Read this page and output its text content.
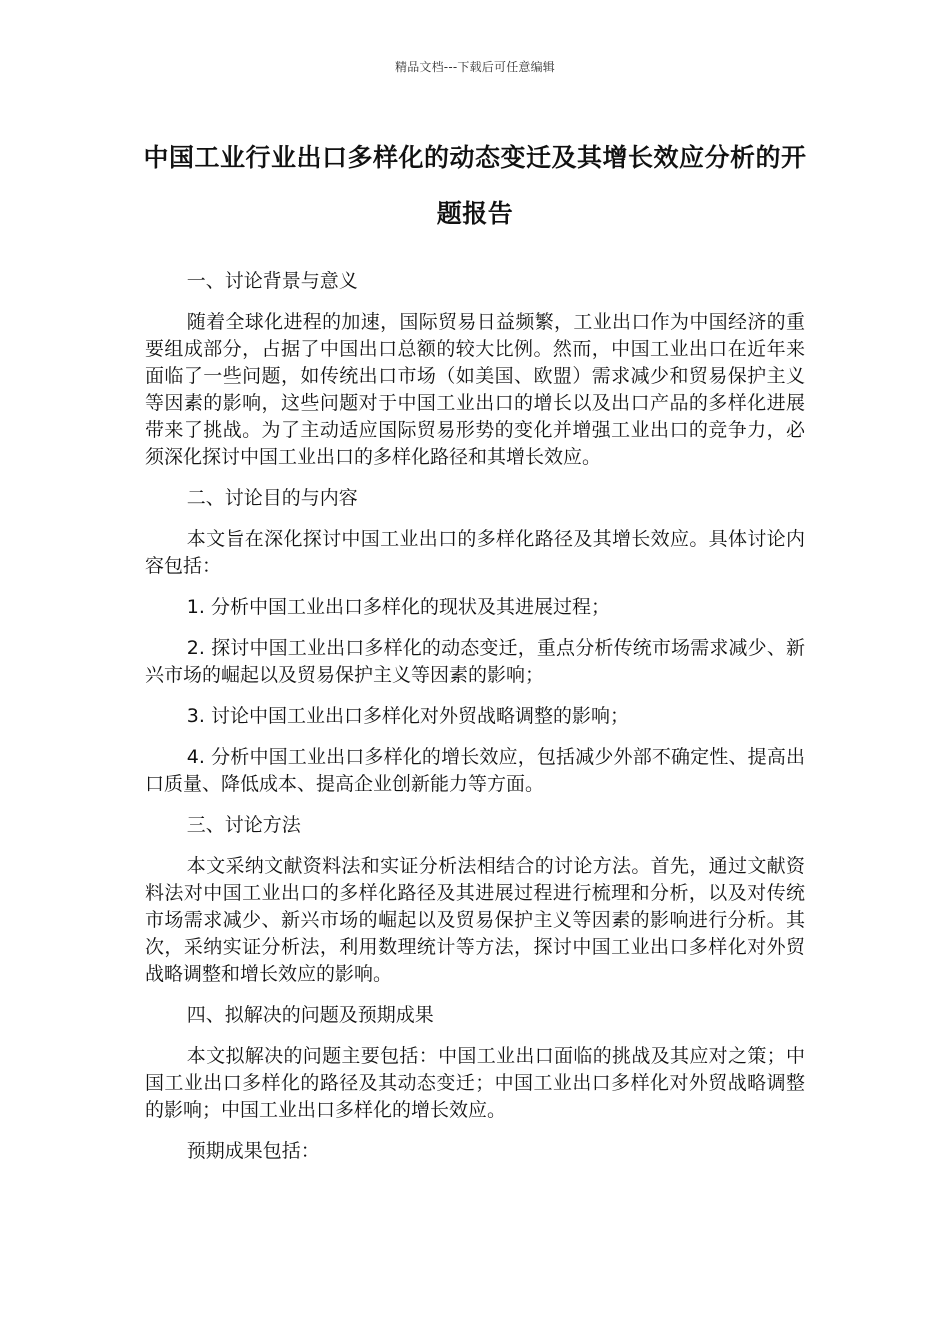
精品文档---下载后可任意编辑
中国工业行业出口多样化的动态变迁及其增长效应分析的开题报告

一、讨论背景与意义

随着全球化进程的加速，国际贸易日益频繁，工业出口作为中国经济的重要组成部分，占据了中国出口总额的较大比例。然而，中国工业出口在近年来面临了一些问题，如传统出口市场（如美国、欧盟）需求减少和贸易保护主义等因素的影响，这些问题对于中国工业出口的增长以及出口产品的多样化进展带来了挑战。为了主动适应国际贸易形势的变化并增强工业出口的竞争力，必须深化探讨中国工业出口的多样化路径和其增长效应。

二、讨论目的与内容

本文旨在深化探讨中国工业出口的多样化路径及其增长效应。具体讨论内容包括：

1. 分析中国工业出口多样化的现状及其进展过程；

2. 探讨中国工业出口多样化的动态变迁，重点分析传统市场需求减少、新兴市场的崛起以及贸易保护主义等因素的影响；

3. 讨论中国工业出口多样化对外贸战略调整的影响；

4. 分析中国工业出口多样化的增长效应，包括减少外部不确定性、提高出口质量、降低成本、提高企业创新能力等方面。

三、讨论方法

本文采纳文献资料法和实证分析法相结合的讨论方法。首先，通过文献资料法对中国工业出口的多样化路径及其进展过程进行梳理和分析，以及对传统市场需求减少、新兴市场的崛起以及贸易保护主义等因素的影响进行分析。其次，采纳实证分析法，利用数理统计等方法，探讨中国工业出口多样化对外贸战略调整和增长效应的影响。

四、拟解决的问题及预期成果

本文拟解决的问题主要包括：中国工业出口面临的挑战及其应对之策；中国工业出口多样化的路径及其动态变迁；中国工业出口多样化对外贸战略调整的影响；中国工业出口多样化的增长效应。

预期成果包括：
